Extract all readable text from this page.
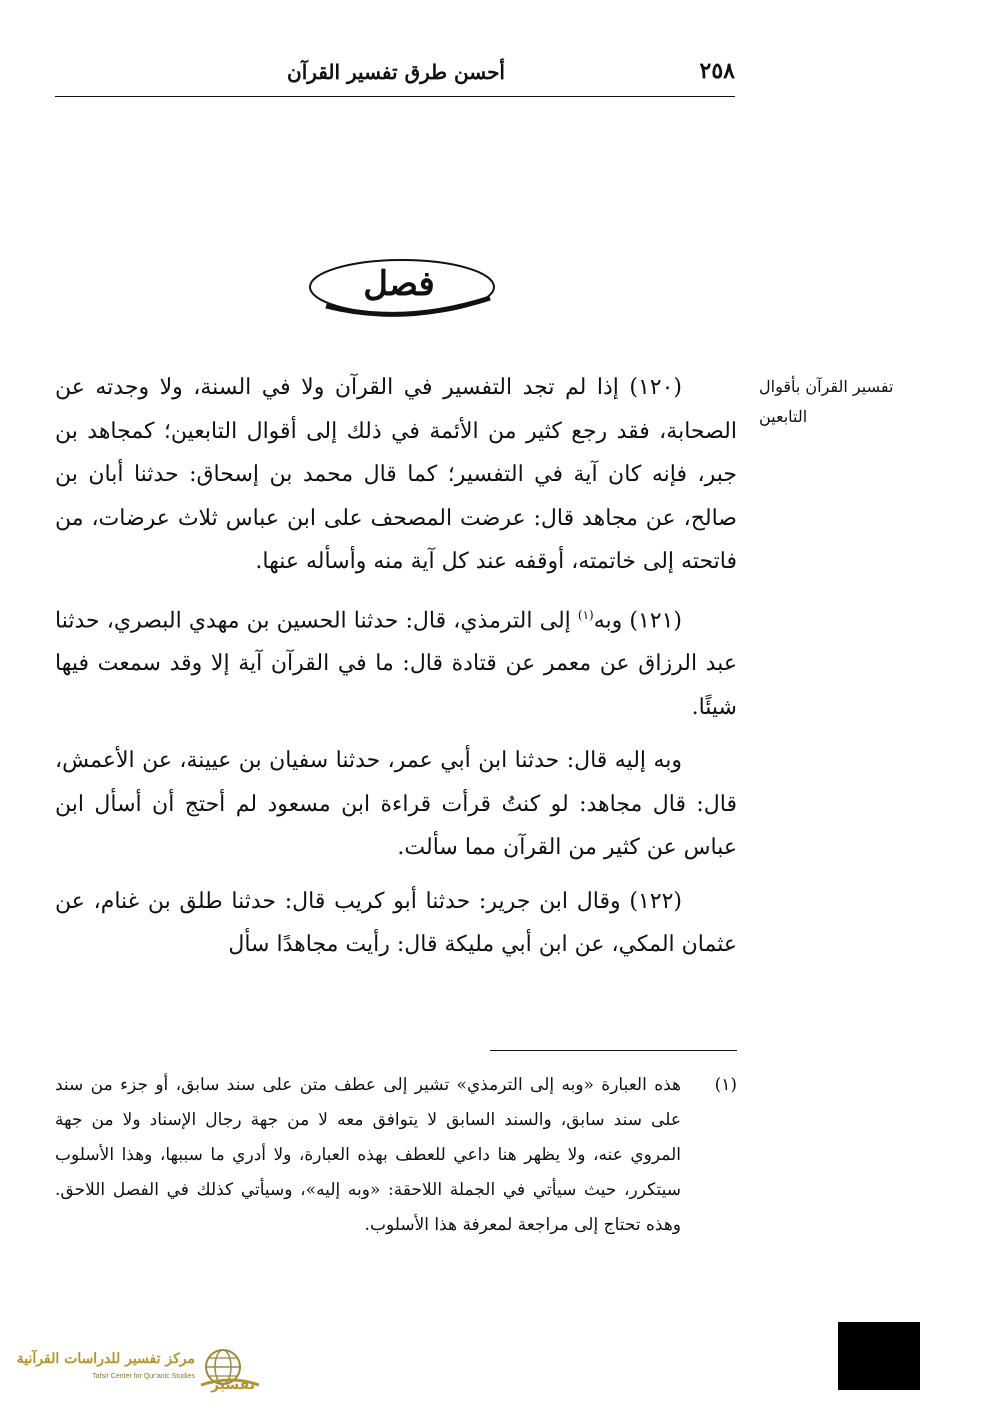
٢٥٨
أحسن طرق تفسير القرآن
فصل
تفسير القرآن بأقوال
التابعين

(١٢٠) إذا لم تجد التفسير في القرآن ولا في السنة، ولا وجدته عن الصحابة، فقد رجع كثير من الأئمة في ذلك إلى أقوال التابعين؛ كمجاهد بن جبر، فإنه كان آية في التفسير؛ كما قال محمد بن إسحاق: حدثنا أبان بن صالح، عن مجاهد قال: عرضت المصحف على ابن عباس ثلاث عرضات، من فاتحته إلى خاتمته، أوقفه عند كل آية منه وأسأله عنها.

(١٢١) وبه$^{(١)}$ إلى الترمذي، قال: حدثنا الحسين بن مهدي البصري، حدثنا عبد الرزاق عن معمر عن قتادة قال: ما في القرآن آية إلا وقد سمعت فيها شيئًا.

وبه إليه قال: حدثنا ابن أبي عمر، حدثنا سفيان بن عيينة، عن الأعمش، قال: قال مجاهد: لو كنتُ قرأت قراءة ابن مسعود لم أحتج أن أسأل ابن عباس عن كثير من القرآن مما سألت.

(١٢٢) وقال ابن جرير: حدثنا أبو كريب قال: حدثنا طلق بن غنام، عن عثمان المكي، عن ابن أبي مليكة قال: رأيت مجاهدًا سأل

(١)
هذه العبارة «وبه إلى الترمذي» تشير إلى عطف متن على سند سابق، أو جزء من سند على سند سابق، والسند السابق لا يتوافق معه لا من جهة رجال الإسناد ولا من جهة المروي عنه، ولا يظهر هنا داعي للعطف بهذه العبارة، ولا أدري ما سببها، وهذا الأسلوب سيتكرر، حيث سيأتي في الجملة اللاحقة: «وبه إليه»، وسيأتي كذلك في الفصل اللاحق. وهذه تحتاج إلى مراجعة لمعرفة هذا الأسلوب.
مركز تفسير للدراسات القرآنية
Tafsir Center for Qur'anic Studies
تفسير
